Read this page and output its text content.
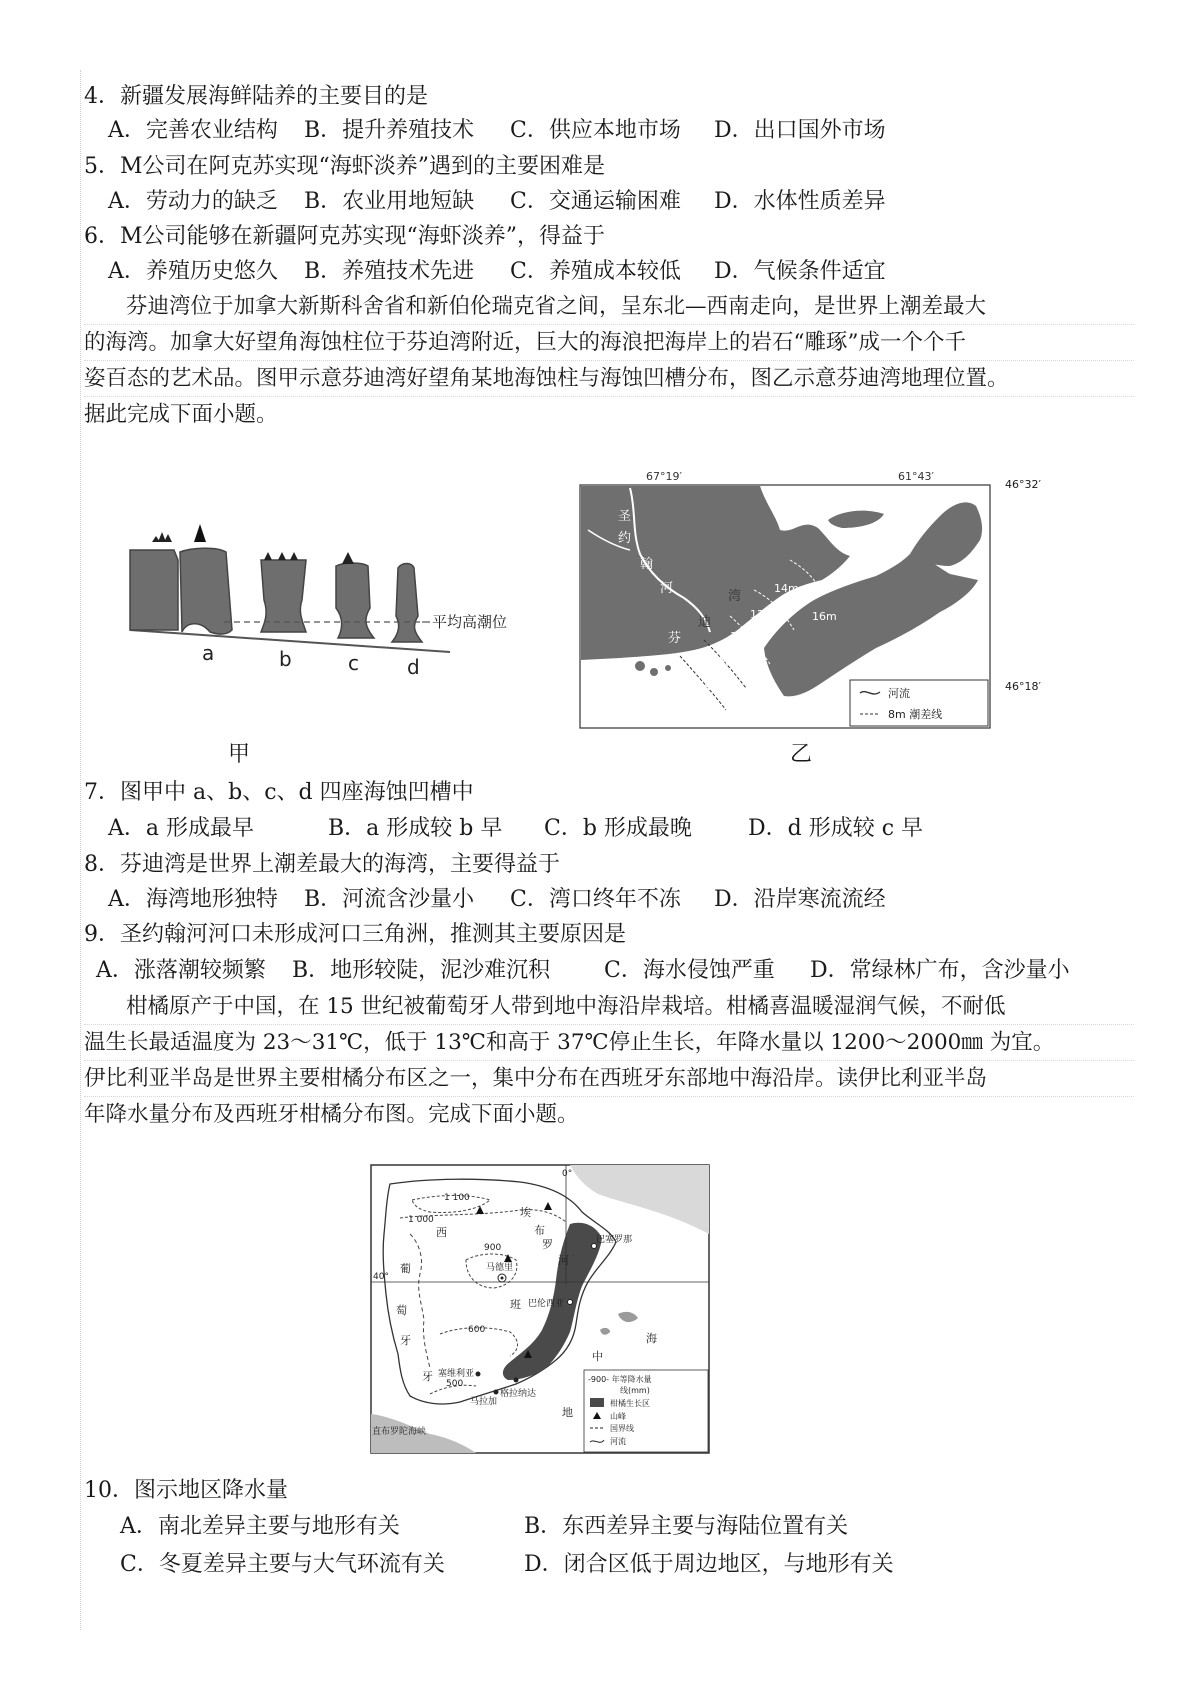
4．新疆发展海鲜陆养的主要目的是
A．完善农业结构 B．提升养殖技术 C．供应本地市场 D．出口国外市场
5．M公司在阿克苏实现“海虾淡养”遇到的主要困难是
A．劳动力的缺乏 B．农业用地短缺 C．交通运输困难 D．水体性质差异
6．M公司能够在新疆阿克苏实现“海虾淡养”，得益于
A．养殖历史悠久 B．养殖技术先进 C．养殖成本较低 D．气候条件适宜
芬迪湾位于加拿大新斯科舍省和新伯伦瑞克省之间，呈东北—西南走向，是世界上潮差最大
的海湾。加拿大好望角海蚀柱位于芬迫湾附近，巨大的海浪把海岸上的岩石“雕琢”成一个个千
姿百态的艺术品。图甲示意芬迪湾好望角某地海蚀柱与海蚀凹槽分布，图乙示意芬迪湾地理位置。
据此完成下面小题。
平均高潮位
a	b	c d
甲
67°19′	61°43′
圣
约
翰
河
芬
迪
湾
14m
16m
12m
10m
8m
6m	河流
8m 潮差线
46°32′
46°18′
乙
7．图甲中 a、b、c、d 四座海蚀凹槽中
A．a 形成最早	B．a 形成较 b 早 C．b 形成最晚	D．d 形成较 c 早
8．芬迪湾是世界上潮差最大的海湾，主要得益于
A．海湾地形独特 B．河流含沙量小 C．湾口终年不冻 D．沿岸寒流流经
9．圣约翰河河口未形成河口三角洲，推测其主要原因是
A．涨落潮较频繁 B．地形较陡，泥沙难沉积 C．海水侵蚀严重 D．常绿林广布，含沙量小
柑橘原产于中国，在 15 世纪被葡萄牙人带到地中海沿岸栽培。柑橘喜温暖湿润气候，不耐低
温生长最适温度为 23～31℃，低于 13℃和高于 37℃停止生长，年降水量以 1200～2000㎜ 为宜。
伊比利亚半岛是世界主要柑橘分布区之一，集中分布在西班牙东部地中海沿岸。读伊比利亚半岛
年降水量分布及西班牙柑橘分布图。完成下面小题。
0°
40°
1 100
1 000
900
600
500
马德里
巴塞罗那
巴伦西亚
塞维利亚
马拉加
格拉纳达
直布罗陀海峡
西
班
牙
葡
萄
牙
埃
布
罗
河
中
海
地
-900- 年等降水量
线(mm)
柑橘生长区
山峰
国界线
河流
10．图示地区降水量
A．南北差异主要与地形有关	B．东西差异主要与海陆位置有关
C．冬夏差异主要与大气环流有关	D．闭合区低于周边地区，与地形有关
